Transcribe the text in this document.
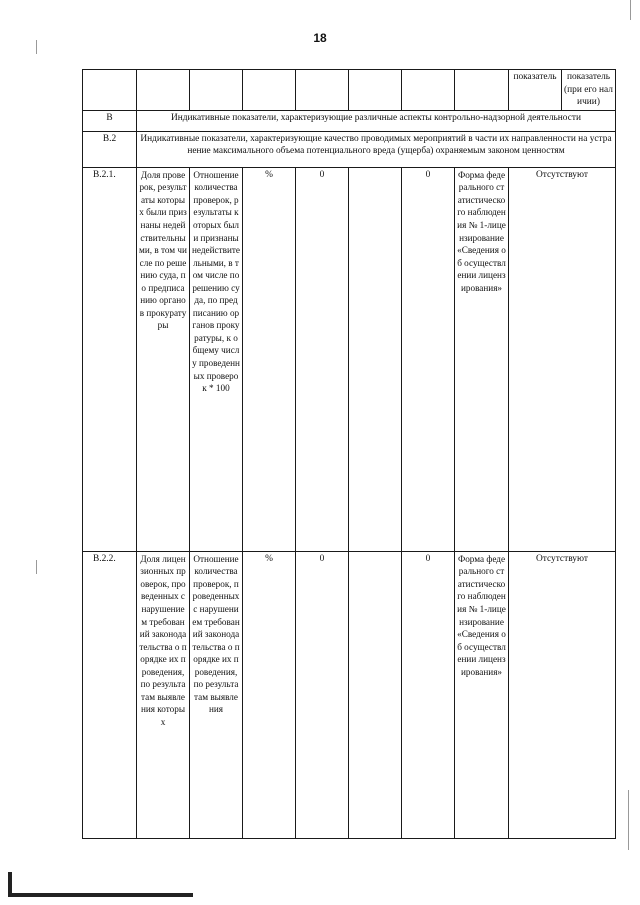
18
								показатель	показатель (при его наличии)
В	Индикативные показатели, характеризующие различные аспекты контрольно-надзорной деятельности								
В.2	Индикативные показатели, характеризующие качество проводимых мероприятий в части их направленности на устранение максимального объема потенциального вреда (ущерба) охраняемым законом ценностям								
В.2.1.	Доля проверок, результаты которых были признаны недействительными, в том числе по решению суда, по предписанию органов прокуратуры	Отношение количества проверок, результаты которых были признаны недействительными, в том числе по решению суда, по предписанию органов прокуратуры, к общему числу проведенных проверок * 100	%	0		0	Форма федерального статистического наблюдения № 1-лицензирование «Сведения об осуществлении лицензирования»	Отсутствуют	
В.2.2.	Доля лицензионных проверок, проведенных с нарушением требований законодательства о порядке их проведения, по результатам выявления которых	Отношение количества проверок, проведенных с нарушением требований законодательства о порядке их проведения, по результатам выявления	%	0		0	Форма федерального статистического наблюдения № 1-лицензирование «Сведения об осуществлении лицензирования»	Отсутствуют	
